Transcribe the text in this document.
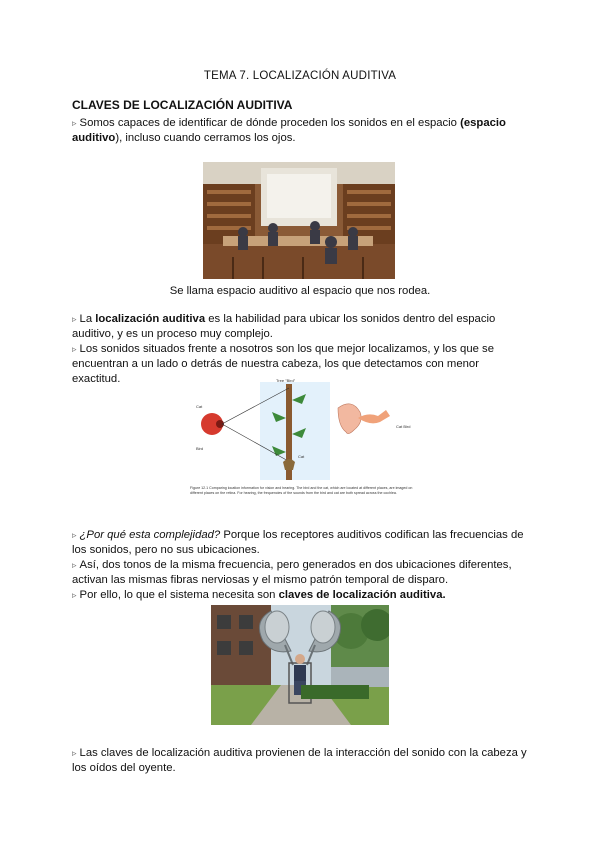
TEMA 7. LOCALIZACIÓN AUDITIVA
CLAVES DE LOCALIZACIÓN AUDITIVA
▹ Somos capaces de identificar de dónde proceden los sonidos en el espacio (espacio auditivo), incluso cuando cerramos los ojos.
Se llama espacio auditivo al espacio que nos rodea.
▹ La localización auditiva es la habilidad para ubicar los sonidos dentro del espacio auditivo, y es un proceso muy complejo.
▹ Los sonidos situados frente a nosotros son los que mejor localizamos, y los que se encuentran a un lado o detrás de nuestra cabeza, los que detectamos con menor exactitud.
Cat
Bird
Tree "Bird"
Cat
Cat Bird
Figure 12.1 Comparing location information for vision and hearing. The bird and the cat, which are located at different places, are imaged on different places on the retina. For hearing, the frequencies of the sounds from the bird and cat are both spread across the cochlea.
▹ ¿Por qué esta complejidad? Porque los receptores auditivos codifican las frecuencias de los sonidos, pero no sus ubicaciones.
▹ Así, dos tonos de la misma frecuencia, pero generados en dos ubicaciones diferentes, activan las mismas fibras nerviosas y el mismo patrón temporal de disparo.
▹ Por ello, lo que el sistema necesita son claves de localización auditiva.
▹ Las claves de localización auditiva provienen de la interacción del sonido con la cabeza y los oídos del oyente.
